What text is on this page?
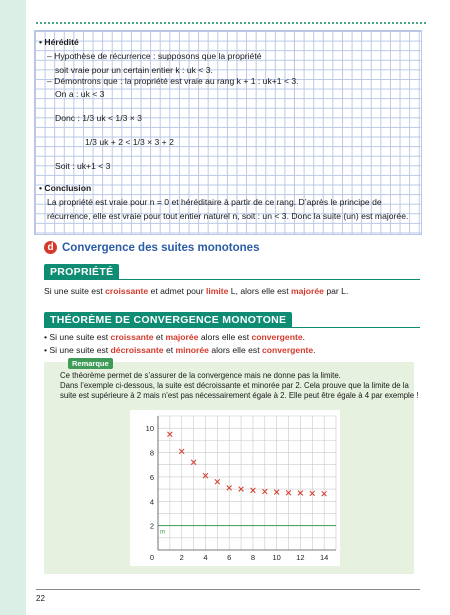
• Hérédité
– Hypothèse de récurrence : supposons que la propriété
soit vraie pour un certain entier k : uk < 3.
– Démontrons que : la propriété est vraie au rang k + 1 : uk+1 < 3.
On a : uk < 3
Donc : 1/3 uk < 1/3 × 3
1/3 uk + 2 < 1/3 × 3 + 2
Soit : uk+1 < 3
• Conclusion
La propriété est vraie pour n = 0 et héréditaire à partir de ce rang. D’après le principe de
récurrence, elle est vraie pour tout entier naturel n, soit : un < 3. Donc la suite (un) est majorée.
d Convergence des suites monotones
PROPRIÉTÉ
Si une suite est croissante et admet pour limite L, alors elle est majorée par L.
THÉORÈME DE CONVERGENCE MONOTONE
• Si une suite est croissante et majorée alors elle est convergente.
• Si une suite est décroissante et minorée alors elle est convergente.
Remarque
Ce théorème permet de s’assurer de la convergence mais ne donne pas la limite.
Dans l’exemple ci-dessous, la suite est décroissante et minorée par 2. Cela prouve que la limite de la
suite est supérieure à 2 mais n’est pas nécessairement égale à 2. Elle peut être égale à 4 par exemple !
m
2	4	6	8 10 12 14
2
4
6
8
10
0
22
